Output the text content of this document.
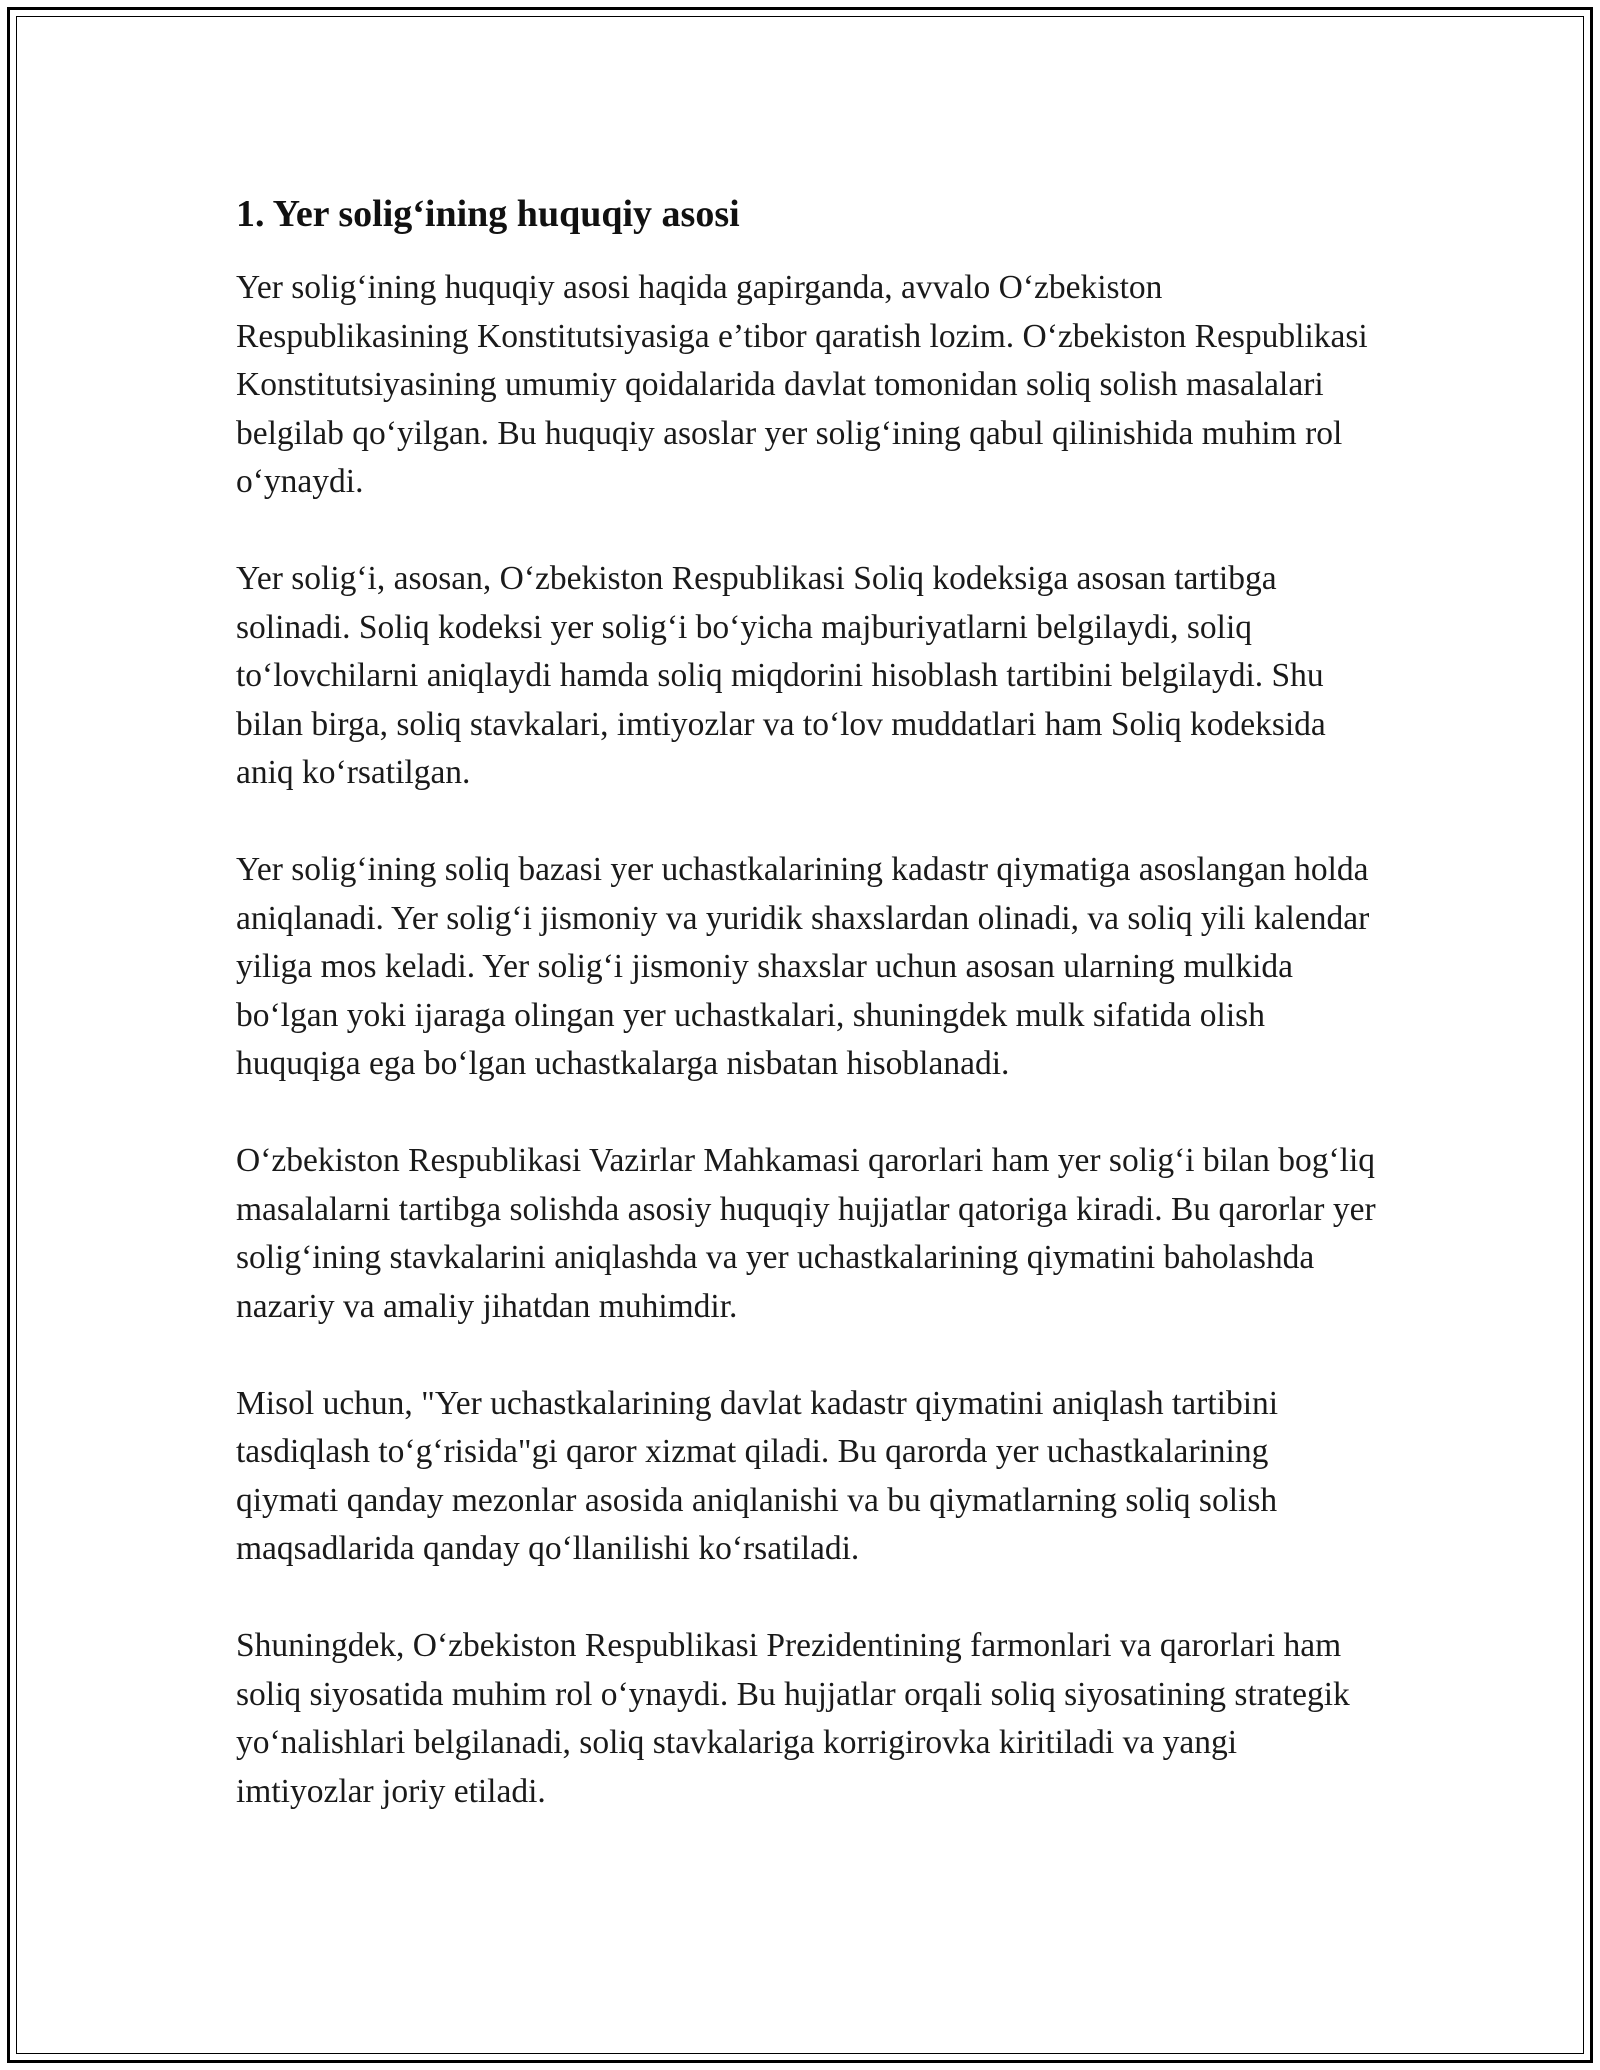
1. Yer solig‘ining huquqiy asosi

Yer solig‘ining huquqiy asosi haqida gapirganda, avvalo O‘zbekiston Respublikasining Konstitutsiyasiga e’tibor qaratish lozim. O‘zbekiston Respublikasi Konstitutsiyasining umumiy qoidalarida davlat tomonidan soliq solish masalalari belgilab qo‘yilgan. Bu huquqiy asoslar yer solig‘ining qabul qilinishida muhim rol o‘ynaydi.

Yer solig‘i, asosan, O‘zbekiston Respublikasi Soliq kodeksiga asosan tartibga solinadi. Soliq kodeksi yer solig‘i bo‘yicha majburiyatlarni belgilaydi, soliq to‘lovchilarni aniqlaydi hamda soliq miqdorini hisoblash tartibini belgilaydi. Shu bilan birga, soliq stavkalari, imtiyozlar va to‘lov muddatlari ham Soliq kodeksida aniq ko‘rsatilgan.

Yer solig‘ining soliq bazasi yer uchastkalarining kadastr qiymatiga asoslangan holda aniqlanadi. Yer solig‘i jismoniy va yuridik shaxslardan olinadi, va soliq yili kalendar yiliga mos keladi. Yer solig‘i jismoniy shaxslar uchun asosan ularning mulkida bo‘lgan yoki ijaraga olingan yer uchastkalari, shuningdek mulk sifatida olish huquqiga ega bo‘lgan uchastkalarga nisbatan hisoblanadi.

O‘zbekiston Respublikasi Vazirlar Mahkamasi qarorlari ham yer solig‘i bilan bog‘liq masalalarni tartibga solishda asosiy huquqiy hujjatlar qatoriga kiradi. Bu qarorlar yer solig‘ining stavkalarini aniqlashda va yer uchastkalarining qiymatini baholashda nazariy va amaliy jihatdan muhimdir.

Misol uchun, "Yer uchastkalarining davlat kadastr qiymatini aniqlash tartibini tasdiqlash to‘g‘risida"gi qaror xizmat qiladi. Bu qarorda yer uchastkalarining qiymati qanday mezonlar asosida aniqlanishi va bu qiymatlarning soliq solish maqsadlarida qanday qo‘llanilishi ko‘rsatiladi.

Shuningdek, O‘zbekiston Respublikasi Prezidentining farmonlari va qarorlari ham soliq siyosatida muhim rol o‘ynaydi. Bu hujjatlar orqali soliq siyosatining strategik yo‘nalishlari belgilanadi, soliq stavkalariga korrigirovka kiritiladi va yangi imtiyozlar joriy etiladi.
